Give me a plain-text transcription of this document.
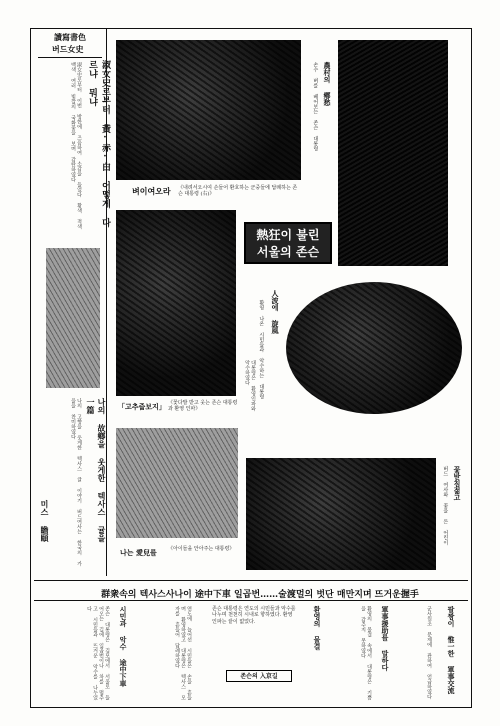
讀寫書色
버드女史
淑女史로부터 黃·赤·白 어떻게 다르냐 뭐냐
淑女史로부터 이번 방한에 즈음하여 소감을 들었다 황색 적색 백색 여러 빛깔의 국화꽃을 보며 감탄하였다
나의 故鄉을 웃게한 텍사스 귤을 一篇
미스 瞻頤	나의 고향을 웃게한 텍사스 귤 이야기 버드여사는 한국의 가을을 찬미하였다
벼이여오라 《내려서오시여 손들어 환호하는 군중들에 답례하는 존슨 대통령 (右)》
農村의 鄕愁
손수 벼를 베어보는 존슨 대통령
「고추줍보지」 《꽃다발 받고 웃는 존슨 대통령과 환영 인파》
熱狂이 불린
서울의 존슨
人波에 旋風
환영 나온 시민들과 악수하는 대통령
대통령은 환영인파와 악수하였다
나는 愛兒를 《아이들을 안아주는 대통령》
꽃받침젊고
버드 여사와 꽃을 든 어린이
群衆속의 텍사스사나이 途中下車 일곱번……술渡멀의 벗단 매만지며 뜨거운握手
존슨 대통령은 김포에서 서울로 들어오는 길에 일곱번이나 차를 멈추고 시민들과 뜨거운 악수를 나누었다	시민과 악수 途中下車	연도에 늘어선 시민들은 손을 흔들며 환영하였고 대통령은 텍사스 모자를 흔들어 답례하였다	존슨 대통령은 연도의 시민들과 악수를 나누며 천천히 시내로 향하였다. 환영 인파는 끝이 없었다.
존슨의 入京길
환영의 물결	환영의 물결 속에서 대통령은 기쁨을 감추지 못하였다	軍事援助를 말하다	군사원조 문제에 관하여 언급하였다 팔짱이 惟一한 軍事交流
